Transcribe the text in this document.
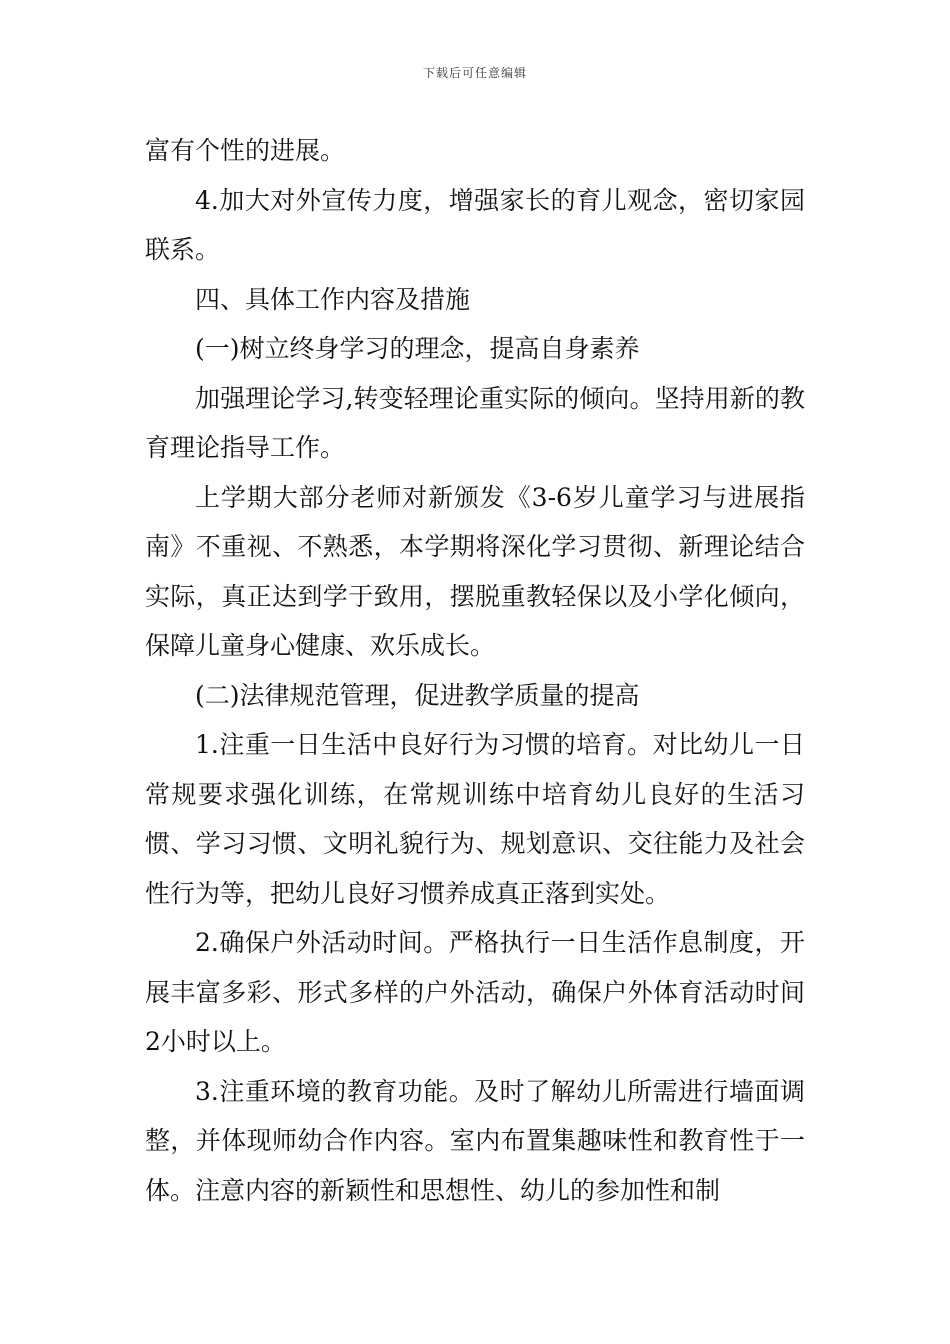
下载后可任意编辑

富有个性的进展。

4.加大对外宣传力度，增强家长的育儿观念，密切家园联系。

四、具体工作内容及措施

(一)树立终身学习的理念，提高自身素养

加强理论学习,转变轻理论重实际的倾向。坚持用新的教育理论指导工作。

上学期大部分老师对新颁发《3-6岁儿童学习与进展指南》不重视、不熟悉，本学期将深化学习贯彻、新理论结合实际，真正达到学于致用，摆脱重教轻保以及小学化倾向，保障儿童身心健康、欢乐成长。

(二)法律规范管理，促进教学质量的提高

1.注重一日生活中良好行为习惯的培育。对比幼儿一日常规要求强化训练，在常规训练中培育幼儿良好的生活习惯、学习习惯、文明礼貌行为、规划意识、交往能力及社会性行为等，把幼儿良好习惯养成真正落到实处。

2.确保户外活动时间。严格执行一日生活作息制度，开展丰富多彩、形式多样的户外活动，确保户外体育活动时间2小时以上。

3.注重环境的教育功能。及时了解幼儿所需进行墙面调整，并体现师幼合作内容。室内布置集趣味性和教育性于一体。注意内容的新颖性和思想性、幼儿的参加性和制
